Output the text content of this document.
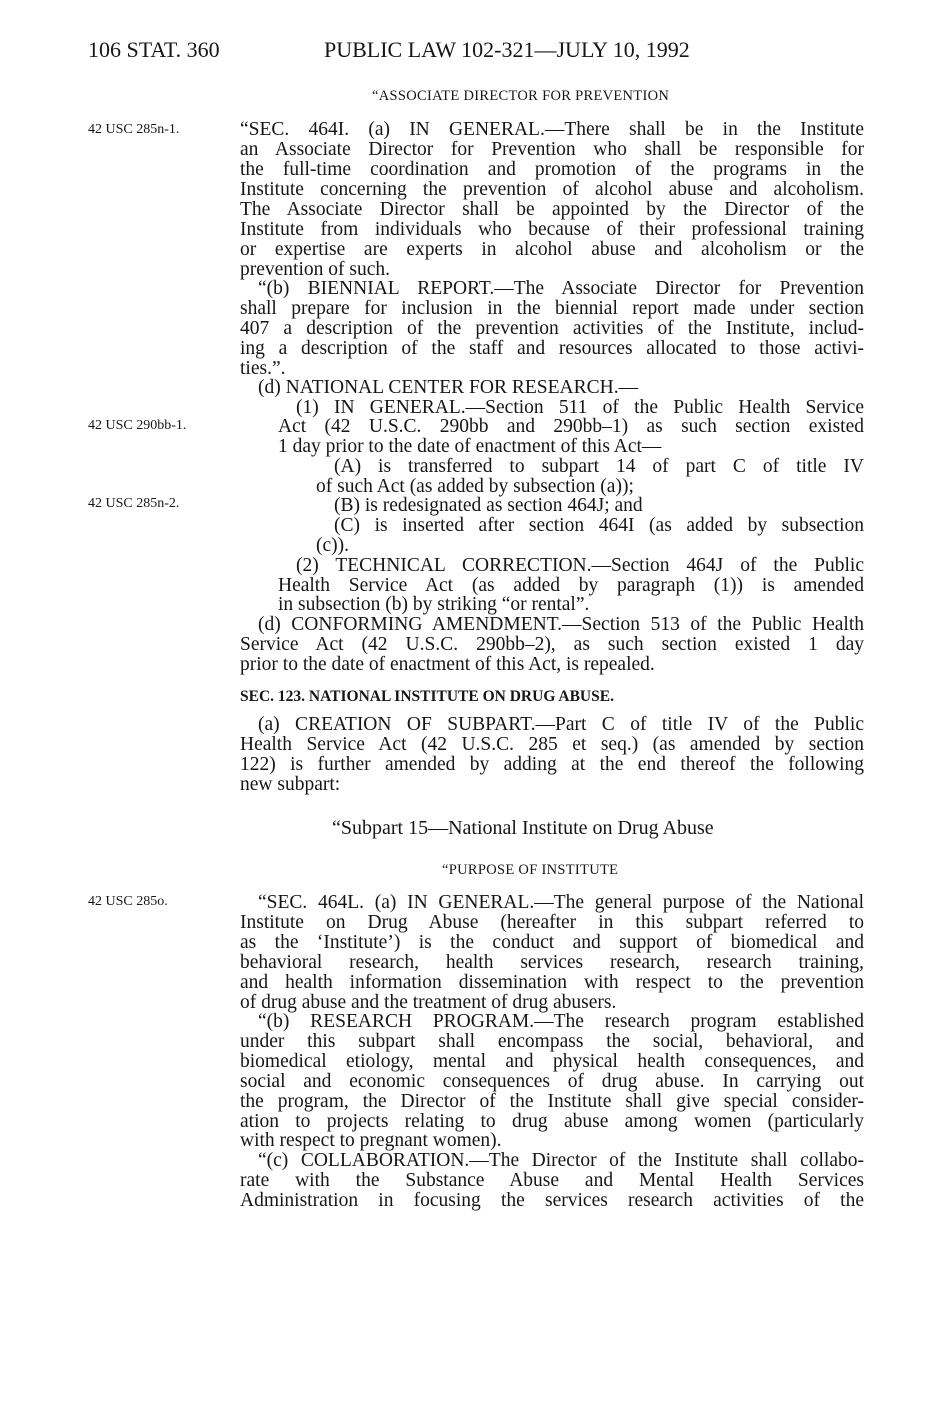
106 STAT. 360	PUBLIC LAW 102-321—JULY 10, 1992
“ASSOCIATE DIRECTOR FOR PREVENTION
42 USC 285n-1.	“SEC. 464I. (a) IN GENERAL.—There shall be in the Institute
an Associate Director for Prevention who shall be responsible for
the full-time coordination and promotion of the programs in the
Institute concerning the prevention of alcohol abuse and alcoholism.
The Associate Director shall be appointed by the Director of the
Institute from individuals who because of their professional training
or expertise are experts in alcohol abuse and alcoholism or the
prevention of such.
“(b) BIENNIAL REPORT.—The Associate Director for Prevention
shall prepare for inclusion in the biennial report made under section
407 a description of the prevention activities of the Institute, includ-
ing a description of the staff and resources allocated to those activi-
ties.”.
42 USC 290bb-1.
42 USC 285n-2.
(d) NATIONAL CENTER FOR RESEARCH.—
(1) IN GENERAL.—Section 511 of the Public Health Service
Act (42 U.S.C. 290bb and 290bb–1) as such section existed
1 day prior to the date of enactment of this Act—
(A) is transferred to subpart 14 of part C of title IV
of such Act (as added by subsection (a));
(B) is redesignated as section 464J; and
(C) is inserted after section 464I (as added by subsection
(c)).
(2) TECHNICAL CORRECTION.—Section 464J of the Public
Health Service Act (as added by paragraph (1)) is amended
in subsection (b) by striking “or rental”.
(d) CONFORMING AMENDMENT.—Section 513 of the Public Health
Service Act (42 U.S.C. 290bb–2), as such section existed 1 day
prior to the date of enactment of this Act, is repealed.
SEC. 123. NATIONAL INSTITUTE ON DRUG ABUSE.
(a) CREATION OF SUBPART.—Part C of title IV of the Public
Health Service Act (42 U.S.C. 285 et seq.) (as amended by section
122) is further amended by adding at the end thereof the following
new subpart:
“Subpart 15—National Institute on Drug Abuse
“PURPOSE OF INSTITUTE
42 USC 285o.	“SEC. 464L. (a) IN GENERAL.—The general purpose of the National
Institute on Drug Abuse (hereafter in this subpart referred to
as the ‘Institute’) is the conduct and support of biomedical and
behavioral research, health services research, research training,
and health information dissemination with respect to the prevention
of drug abuse and the treatment of drug abusers.
“(b) RESEARCH PROGRAM.—The research program established
under this subpart shall encompass the social, behavioral, and
biomedical etiology, mental and physical health consequences, and
social and economic consequences of drug abuse. In carrying out
the program, the Director of the Institute shall give special consider-
ation to projects relating to drug abuse among women (particularly
with respect to pregnant women).
“(c) COLLABORATION.—The Director of the Institute shall collabo-
rate with the Substance Abuse and Mental Health Services
Administration in focusing the services research activities of the
